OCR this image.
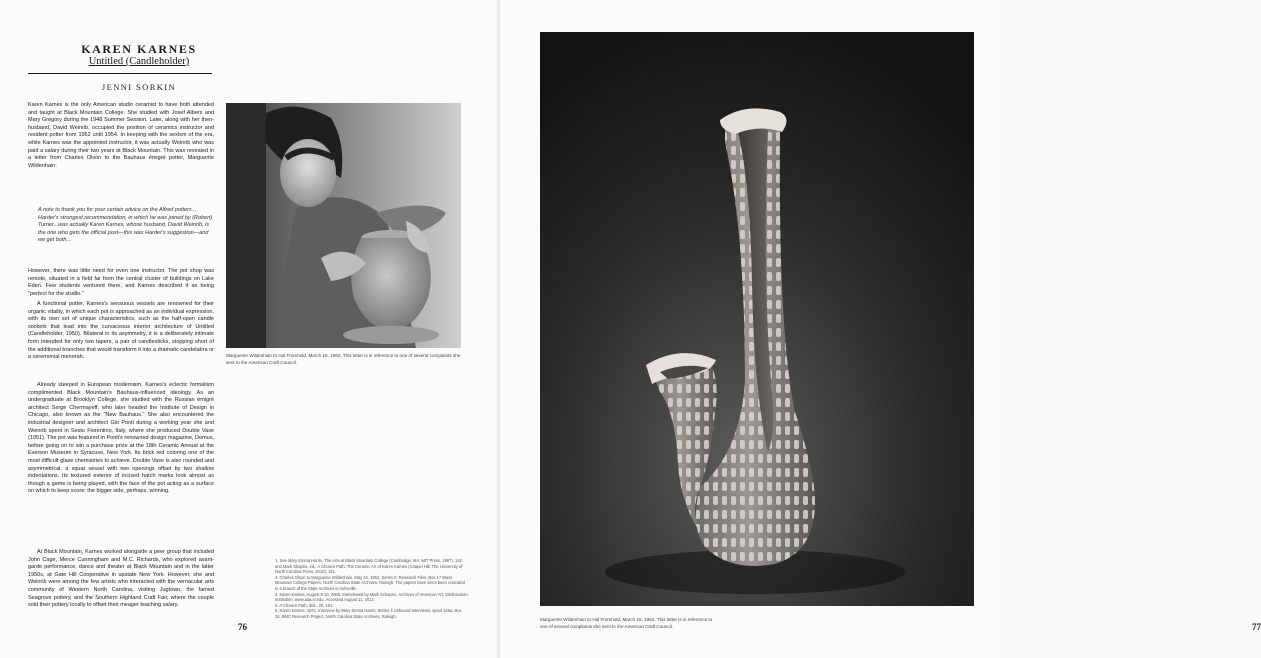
KAREN KARNES
Untitled (Candleholder)
JENNI SORKIN

Karen Karnes is the only American studio ceramist to have both attended and taught at Black Mountain College. She studied with Josef Albers and Mary Gregory during the 1948 Summer Session. Later, along with her then-husband, David Weinrib, occupied the position of ceramics instructor and resident potter from 1952 until 1954. In keeping with the sexism of the era, while Karnes was the appointed instructor, it was actually Weinrib who was paid a salary during their two years at Black Mountain. This was revealed in a letter from Charles Olson to the Bauhaus émigré potter, Marguerite Wildenhain:

A note to thank you for your certain advice on the Alfred potters... Harder's strongest recommendation, in which he was joined by (Robert) Turner...was actually Karen Karnes, whose husband, David Weinrib, is the one who gets the official post—this was Harder's suggestion—and we get both...

However, there was little need for even one instructor. The pot shop was remote, situated in a field far from the central cluster of buildings on Lake Eden. Few students ventured there, and Karnes described it as being "perfect for the studio."

A functional potter, Karnes's sensuous vessels are renowned for their organic vitality, in which each pot is approached as an individual expression, with its own set of unique characteristics, such as the half-open candle sockets that lead into the curvaceous interior architecture of Untitled (Candleholder, 1950). Bilateral in its asymmetry, it is a deliberately intimate form intended for only two tapers, a pair of candlesticks, stopping short of the additional branches that would transform it into a dramatic candelabra or a ceremonial menorah.

Already steeped in European modernism, Karnes's eclectic formalism complimented Black Mountain's Bauhaus-influenced ideology. As an undergraduate at Brooklyn College, she studied with the Russian émigré architect Serge Chermayeff, who later headed the Institute of Design in Chicago, also known as the "New Bauhaus." She also encountered the industrial designer and architect Gio Ponti during a working year she and Weinrib spent in Sesto Fiorentino, Italy, where she produced Double Vase (1951). The pot was featured in Ponti's renowned design magazine, Domus, before going on to win a purchase prize at the 18th Ceramic Annual at the Everson Museum in Syracuse, New York. Its brick red coloring one of the most difficult glaze chemistries to achieve. Double Vase is also rounded and asymmetrical, a squat vessel with two openings offset by two shallow indentations. Its textured exterior of incised hatch marks look almost as though a game is being played, with the face of the pot acting as a surface on which to keep score: the bigger side, perhaps, winning.

At Black Mountain, Karnes worked alongside a peer group that included John Cage, Merce Cunningham and M.C. Richards, who explored avant-garde performance, dance and theater at Black Mountain and in the latter 1950s, at Gate Hill Cooperative in upstate New York. However, she and Weinrib were among the few artists who interacted with the vernacular arts community of Western North Carolina, visiting Jugtown, the famed Seagrove pottery, and the Southern Highland Craft Fair, where the couple sold their pottery locally to offset their meager teaching salary.

Marguerite Wildenhain to Hal Fromhold, March 15, 1962. This letter is in reference to one of several complaints she sent to the American Craft Council.

1. See Mary Emma Harris, The Arts at Black Mountain College (Cambridge, MA: MIT Press, 1987), 142 and Mark Shapiro, ed., A Chosen Path: The Ceramic Art of Karen Karnes (Chapel Hill: The University of North Carolina Press, 2010), 151.
2. Charles Olson to Marguerite Wildenhain, May 24, 1952, Series II: Research Files, Box 17 Black Mountain College Papers, North Carolina State Archives, Raleigh. The papers have since been relocated to a branch of the State Archives in Asheville.
3. Karen Karnes, August 9-10, 2005. Interviewed by Mark Schapiro. Archives of American Art, Smithsonian Institution, www.aaa.si.edu. Accessed August 11, 2012.
4. A Chosen Path, ibid., 20, 151.
5. Karen Karnes, 1971. Interview by Mary Emma Harris, Series 4 Unbound Interviews, spool 165a, Box 32, BMC Research Project, North Carolina State Archives, Raleigh.
76	77

Marguerite Wildenhain to Hal Fromhold, March 15, 1962. This letter is in reference to one of several complaints she sent to the American Craft Council.
